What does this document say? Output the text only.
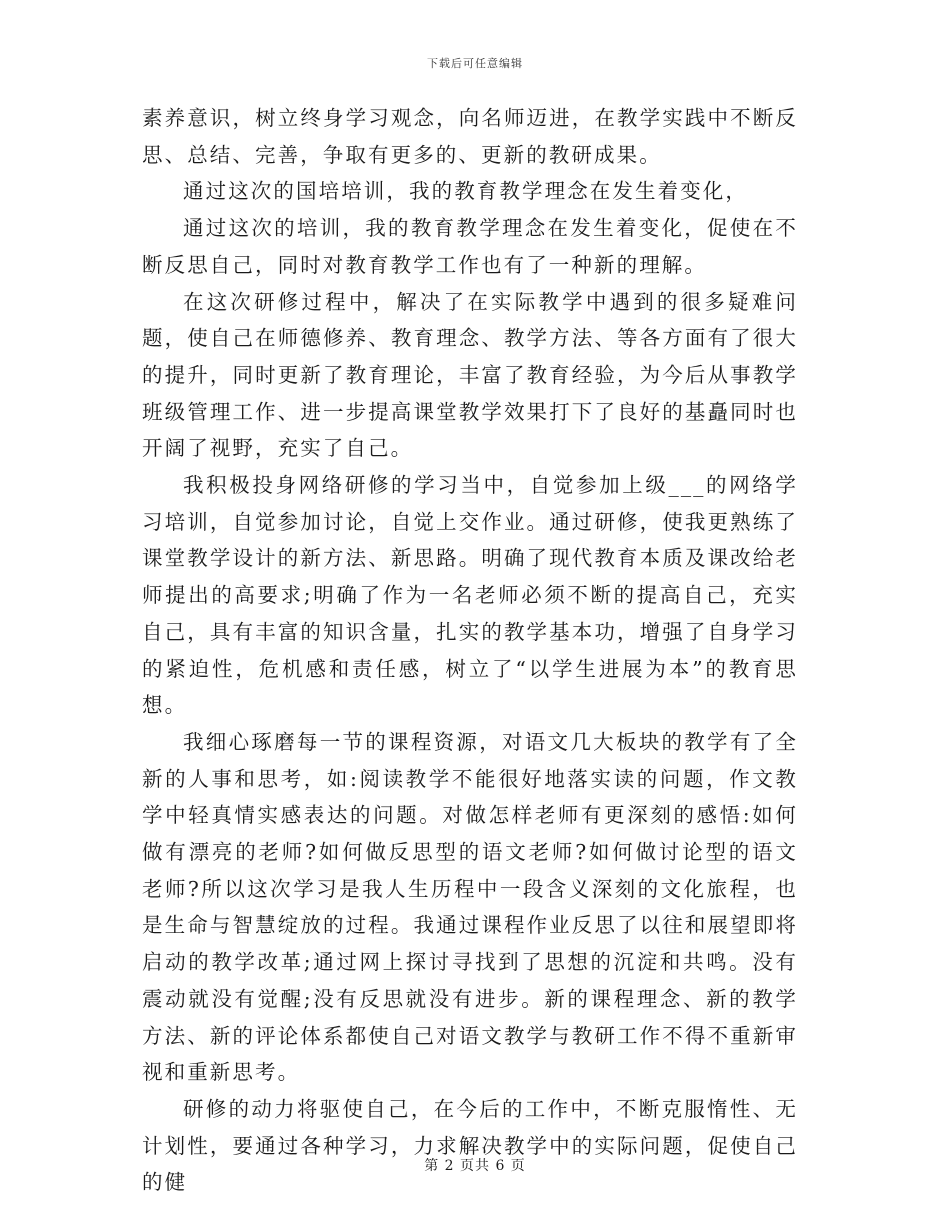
下载后可任意编辑

素养意识，树立终身学习观念，向名师迈进，在教学实践中不断反思、总结、完善，争取有更多的、更新的教研成果。

通过这次的国培培训，我的教育教学理念在发生着变化，

通过这次的培训，我的教育教学理念在发生着变化，促使在不断反思自己，同时对教育教学工作也有了一种新的理解。

在这次研修过程中，解决了在实际教学中遇到的很多疑难问题，使自己在师德修养、教育理念、教学方法、等各方面有了很大的提升，同时更新了教育理论，丰富了教育经验，为今后从事教学班级管理工作、进一步提高课堂教学效果打下了良好的基矗同时也开阔了视野，充实了自己。

我积极投身网络研修的学习当中，自觉参加上级___的网络学习培训，自觉参加讨论，自觉上交作业。通过研修，使我更熟练了课堂教学设计的新方法、新思路。明确了现代教育本质及课改给老师提出的高要求;明确了作为一名老师必须不断的提高自己，充实自己，具有丰富的知识含量，扎实的教学基本功，增强了自身学习的紧迫性，危机感和责任感，树立了“以学生进展为本”的教育思想。

我细心琢磨每一节的课程资源，对语文几大板块的教学有了全新的人事和思考，如:阅读教学不能很好地落实读的问题，作文教学中轻真情实感表达的问题。对做怎样老师有更深刻的感悟:如何做有漂亮的老师?如何做反思型的语文老师?如何做讨论型的语文老师?所以这次学习是我人生历程中一段含义深刻的文化旅程，也是生命与智慧绽放的过程。我通过课程作业反思了以往和展望即将启动的教学改革;通过网上探讨寻找到了思想的沉淀和共鸣。没有震动就没有觉醒;没有反思就没有进步。新的课程理念、新的教学方法、新的评论体系都使自己对语文教学与教研工作不得不重新审视和重新思考。

研修的动力将驱使自己，在今后的工作中，不断克服惰性、无计划性，要通过各种学习，力求解决教学中的实际问题，促使自己的健

第 2 页共 6 页
